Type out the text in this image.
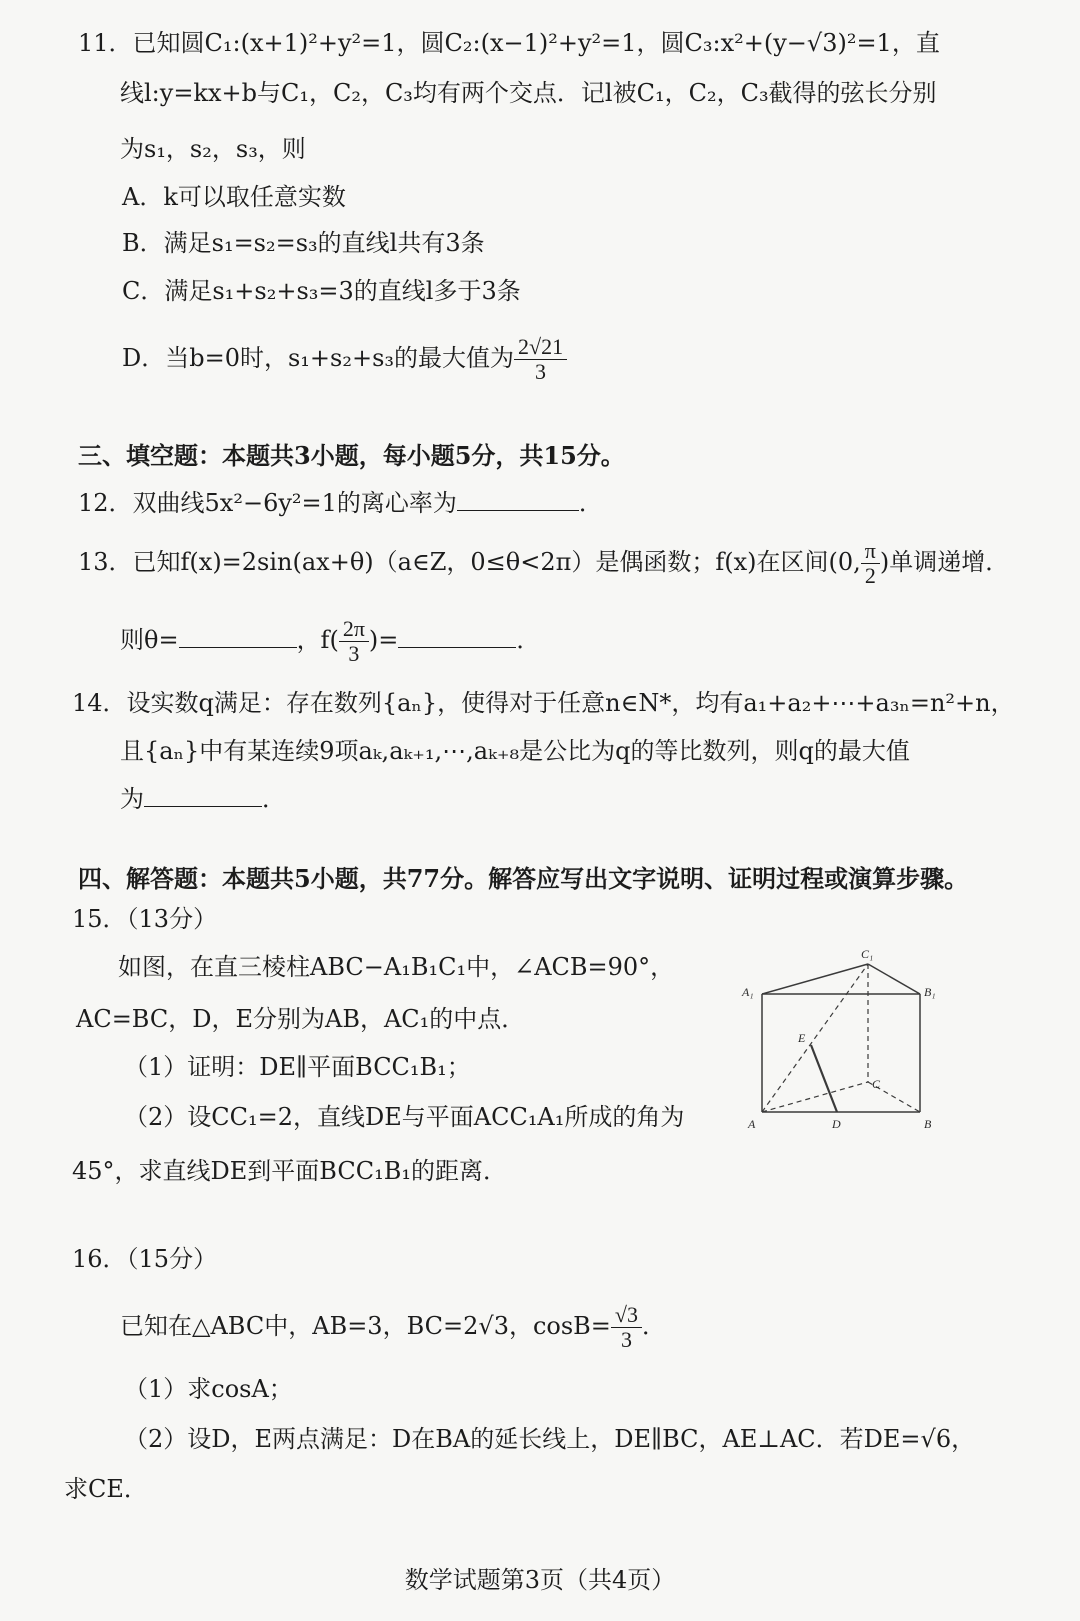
11．已知圆C₁:(x+1)²+y²=1，圆C₂:(x−1)²+y²=1，圆C₃:x²+(y−√3)²=1，直
线l:y=kx+b与C₁，C₂，C₃均有两个交点．记l被C₁，C₂，C₃截得的弦长分别
为s₁，s₂，s₃，则
A．k可以取任意实数
B．满足s₁=s₂=s₃的直线l共有3条
C．满足s₁+s₂+s₃=3的直线l多于3条
D．当b=0时，s₁+s₂+s₃的最大值为 $\frac{2√21}{3}$
三、填空题：本题共3小题，每小题5分，共15分。
12．双曲线5x²−6y²=1的离心率为	．
13．已知f(x)=2sin(ax+θ)（a∈Z，0≤θ<2π）是偶函数；f(x)在区间(0, $\frac{\pi}{2}$ )单调递增．
则θ=	，$f( \frac{2\pi}{3}$ )=	．
14．设实数q满足：存在数列{aₙ}，使得对于任意n∈N*，均有a₁+a₂+⋯+a₃ₙ=n²+n，
且{aₙ}中有某连续9项aₖ,aₖ₊₁,⋯,aₖ₊₈是公比为q的等比数列，则q的最大值
为	．
四、解答题：本题共5小题，共77分。解答应写出文字说明、证明过程或演算步骤。
15．（13分）
如图，在直三棱柱ABC−A₁B₁C₁中，∠ACB=90°，
AC=BC，D，E分别为AB，AC₁的中点．
（1）证明：DE∥平面BCC₁B₁；
（2）设CC₁=2，直线DE与平面ACC₁A₁所成的角为
45°，求直线DE到平面BCC₁B₁的距离．
C₁
A₁	B₁
E
C
A	D	B
16．（15分）
已知在△ABC中，AB=3，BC=2√3，$\cos B= \frac{√3}{3}$ ．
（1）求cosA；
（2）设D，E两点满足：D在BA的延长线上，DE∥BC，AE⊥AC．若DE=√6，
求CE．
数学试题第3页（共4页）
